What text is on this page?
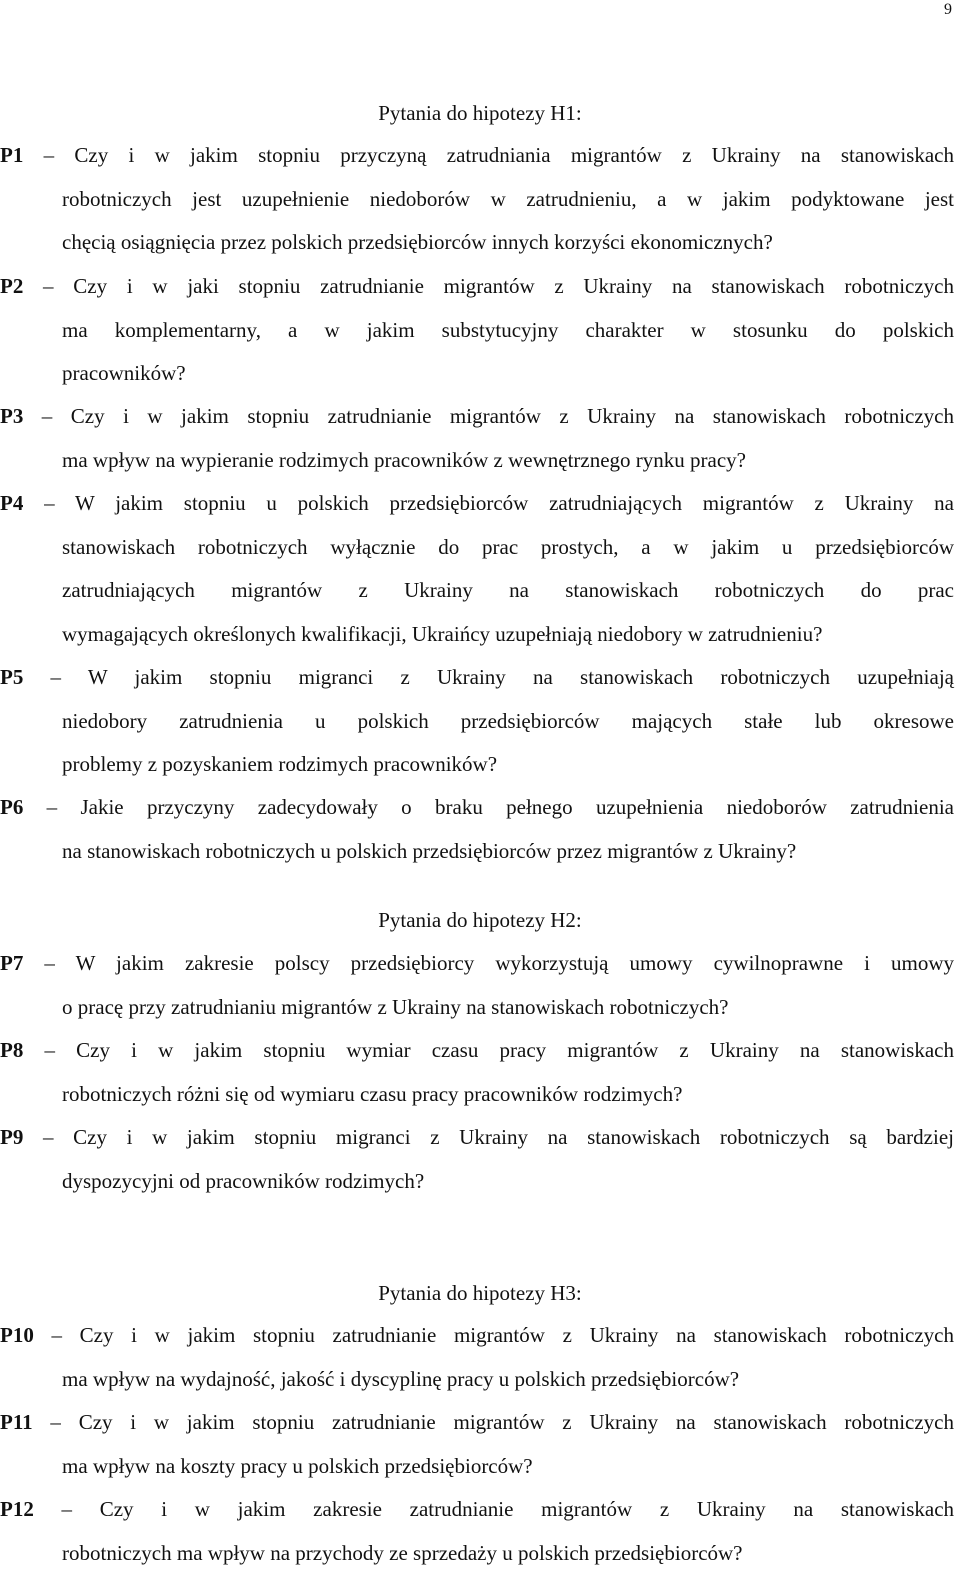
9
Pytania do hipotezy H1:
P1 – Czy i w jakim stopniu przyczyną zatrudniania migrantów z Ukrainy na stanowiskach
robotniczych jest uzupełnienie niedoborów w zatrudnieniu, a w jakim podyktowane jest
chęcią osiągnięcia przez polskich przedsiębiorców innych korzyści ekonomicznych?
P2 – Czy i w jaki stopniu zatrudnianie migrantów z Ukrainy na stanowiskach robotniczych
ma komplementarny, a w jakim substytucyjny charakter w stosunku do polskich
pracowników?
P3 – Czy i w jakim stopniu zatrudnianie migrantów z Ukrainy na stanowiskach robotniczych
ma wpływ na wypieranie rodzimych pracowników z wewnętrznego rynku pracy?
P4 – W jakim stopniu u polskich przedsiębiorców zatrudniających migrantów z Ukrainy na
stanowiskach robotniczych wyłącznie do prac prostych, a w jakim u przedsiębiorców
zatrudniających migrantów z Ukrainy na stanowiskach robotniczych do prac
wymagających określonych kwalifikacji, Ukraińcy uzupełniają niedobory w zatrudnieniu?
P5 – W jakim stopniu migranci z Ukrainy na stanowiskach robotniczych uzupełniają
niedobory zatrudnienia u polskich przedsiębiorców mających stałe lub okresowe
problemy z pozyskaniem rodzimych pracowników?
P6 – Jakie przyczyny zadecydowały o braku pełnego uzupełnienia niedoborów zatrudnienia
na stanowiskach robotniczych u polskich przedsiębiorców przez migrantów z Ukrainy?
Pytania do hipotezy H2:
P7 – W jakim zakresie polscy przedsiębiorcy wykorzystują umowy cywilnoprawne i umowy
o pracę przy zatrudnianiu migrantów z Ukrainy na stanowiskach robotniczych?
P8 – Czy i w jakim stopniu wymiar czasu pracy migrantów z Ukrainy na stanowiskach
robotniczych różni się od wymiaru czasu pracy pracowników rodzimych?
P9 – Czy i w jakim stopniu migranci z Ukrainy na stanowiskach robotniczych są bardziej
dyspozycyjni od pracowników rodzimych?
Pytania do hipotezy H3:
P10 – Czy i w jakim stopniu zatrudnianie migrantów z Ukrainy na stanowiskach robotniczych
ma wpływ na wydajność, jakość i dyscyplinę pracy u polskich przedsiębiorców?
P11 – Czy i w jakim stopniu zatrudnianie migrantów z Ukrainy na stanowiskach robotniczych
ma wpływ na koszty pracy u polskich przedsiębiorców?
P12 – Czy i w jakim zakresie zatrudnianie migrantów z Ukrainy na stanowiskach
robotniczych ma wpływ na przychody ze sprzedaży u polskich przedsiębiorców?
